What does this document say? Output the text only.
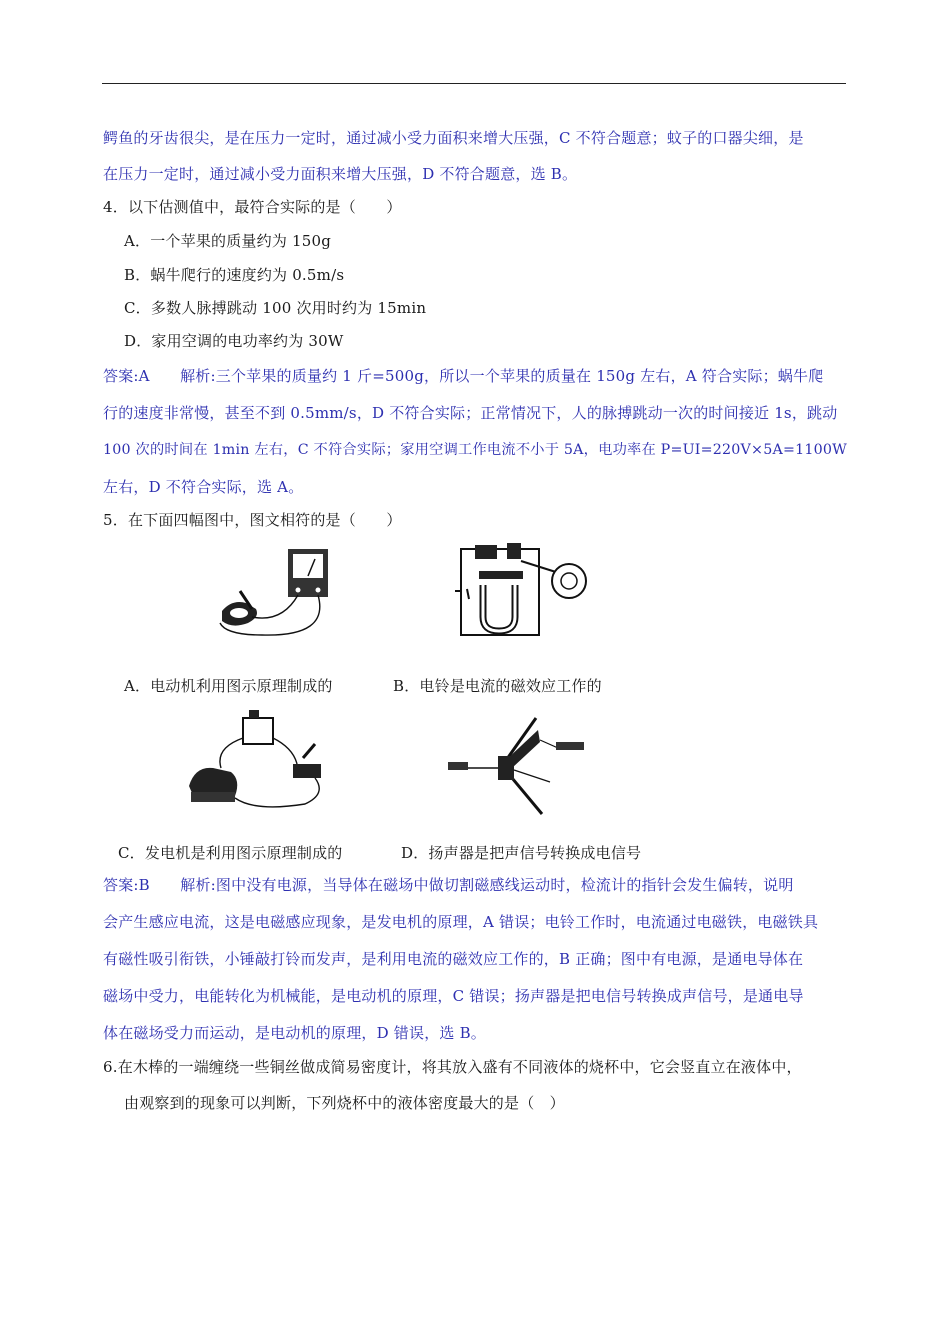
鳄鱼的牙齿很尖，是在压力一定时，通过减小受力面积来增大压强，C 不符合题意；蚊子的口器尖细，是
在压力一定时，通过减小受力面积来增大压强，D 不符合题意，选 B。
4．以下估测值中，最符合实际的是（　　）
A．一个苹果的质量约为 150g
B．蜗牛爬行的速度约为 0.5m/s
C．多数人脉搏跳动 100 次用时约为 15min
D．家用空调的电功率约为 30W
答案:A　　解析:三个苹果的质量约 1 斤=500g，所以一个苹果的质量在 150g 左右，A 符合实际；蜗牛爬
行的速度非常慢，甚至不到 0.5mm/s，D 不符合实际；正常情况下，人的脉搏跳动一次的时间接近 1s，跳动
100 次的时间在 1min 左右，C 不符合实际；家用空调工作电流不小于 5A，电功率在 P=UI=220V×5A=1100W
左右，D 不符合实际，选 A。
5．在下面四幅图中，图文相符的是（　　）
A．电动机利用图示原理制成的	B．电铃是电流的磁效应工作的
C．发电机是利用图示原理制成的	D．扬声器是把声信号转换成电信号
答案:B　　解析:图中没有电源，当导体在磁场中做切割磁感线运动时，检流计的指针会发生偏转，说明
会产生感应电流，这是电磁感应现象，是发电机的原理，A 错误；电铃工作时，电流通过电磁铁，电磁铁具
有磁性吸引衔铁，小锤敲打铃而发声，是利用电流的磁效应工作的，B 正确；图中有电源，是通电导体在
磁场中受力，电能转化为机械能，是电动机的原理，C 错误；扬声器是把电信号转换成声信号，是通电导
体在磁场受力而运动，是电动机的原理，D 错误，选 B。
6.在木棒的一端缠绕一些铜丝做成简易密度计，将其放入盛有不同液体的烧杯中，它会竖直立在液体中，
由观察到的现象可以判断，下列烧杯中的液体密度最大的是（　）
